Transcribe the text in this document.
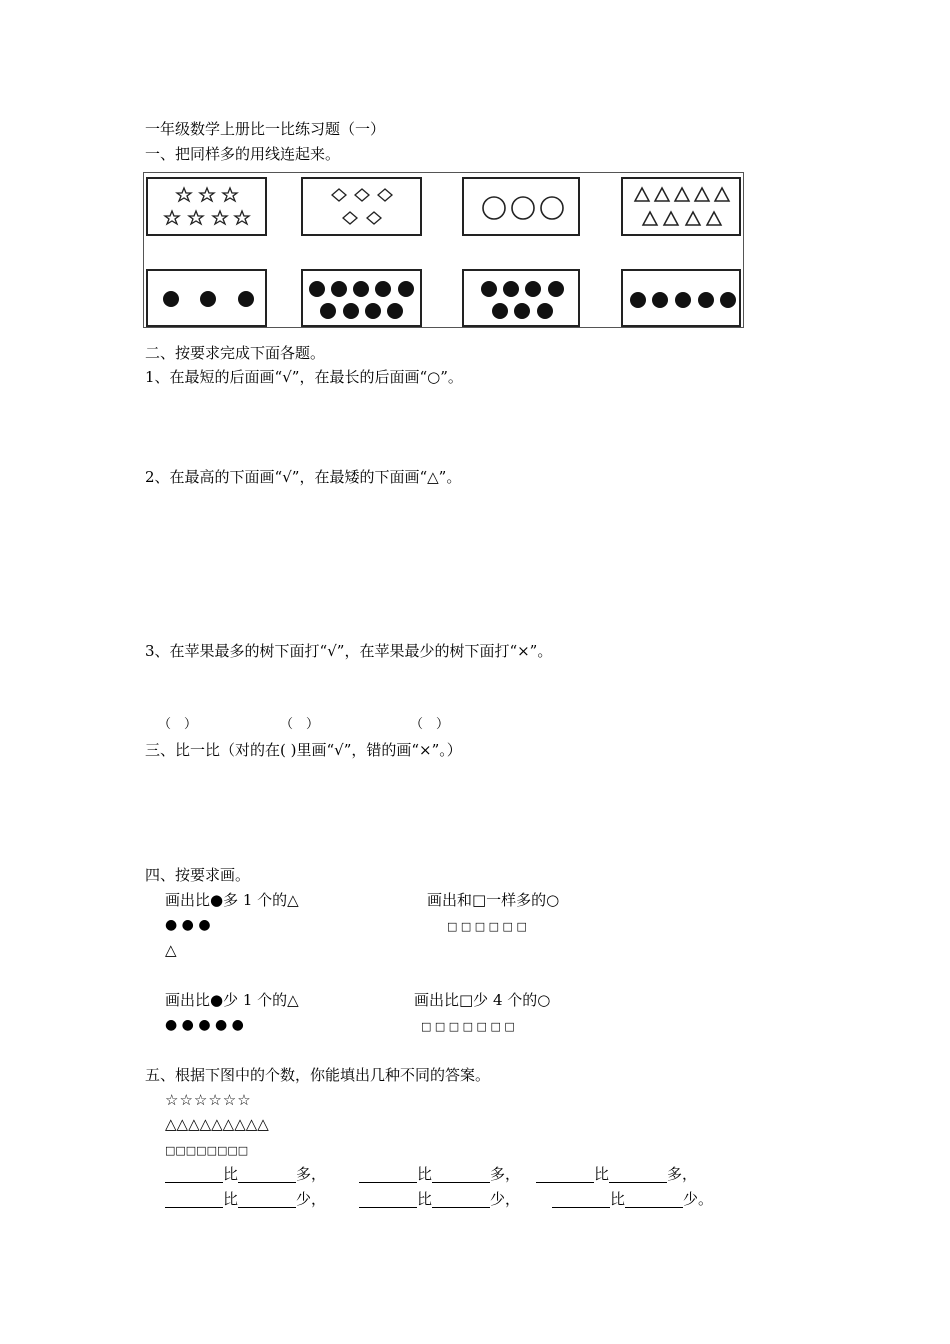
一年级数学上册比一比练习题（一）
一、把同样多的用线连起来。
二、按要求完成下面各题。
1、在最短的后面画“√”，在最长的后面画“○”。
2、在最高的下面画“√”，在最矮的下面画“△”。
3、在苹果最多的树下面打“√”，在苹果最少的树下面打“×”。
（　）	（　）	（　）
三、比一比（对的在( )里画“√”，错的画“×”。）
四、按要求画。
画出比●多 1 个的△
● ● ●
△
画出和□一样多的○
□ □ □ □ □ □
画出比●少 1 个的△
● ● ● ● ●
画出比□少 4 个的○
□ □ □ □ □ □ □
五、根据下图中的个数，你能填出几种不同的答案。
☆☆☆☆☆☆
△△△△△△△△△
□□□□□□□□
比	多，	比	多，	比	多，
比	少，	比	少，	比	少。
